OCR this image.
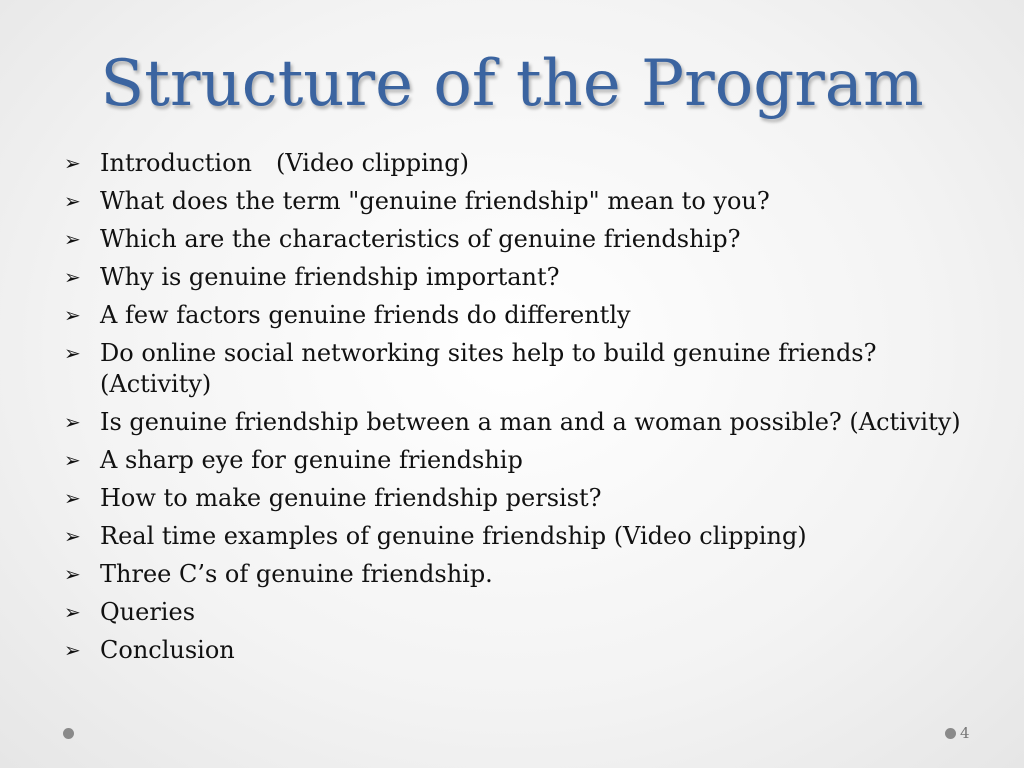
Structure of the Program
➢ Introduction (Video clipping)
➢ What does the term "genuine friendship" mean to you?
➢ Which are the characteristics of genuine friendship?
➢ Why is genuine friendship important?
➢ A few factors genuine friends do differently
➢ Do online social networking sites help to build genuine friends? (Activity)
➢ Is genuine friendship between a man and a woman possible? (Activity)
➢ A sharp eye for genuine friendship
➢ How to make genuine friendship persist?
➢ Real time examples of genuine friendship (Video clipping)
➢ Three C’s of genuine friendship.
➢ Queries
➢ Conclusion
4
